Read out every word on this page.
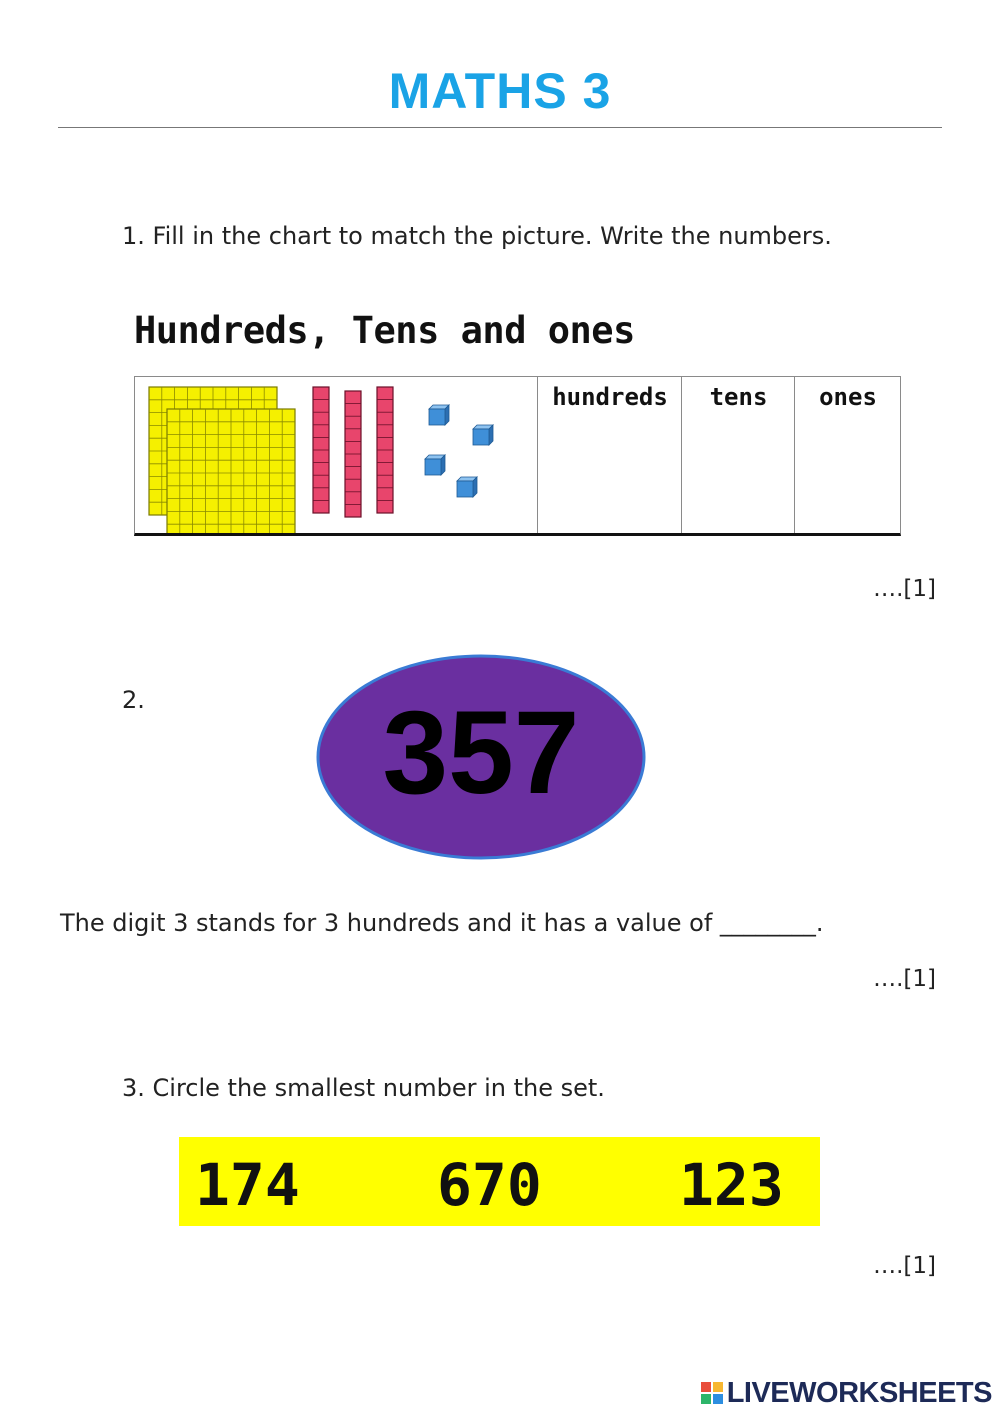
MATHS 3
1. Fill in the chart to match the picture. Write the numbers.
Hundreds, Tens and ones
hundreds	tens	ones
….[1]
2.	357
The digit 3 stands for 3 hundreds and it has a value of ________.
….[1]
3. Circle the smallest number in the set.
174 670 123
….[1]
LIVEWORKSHEETS
